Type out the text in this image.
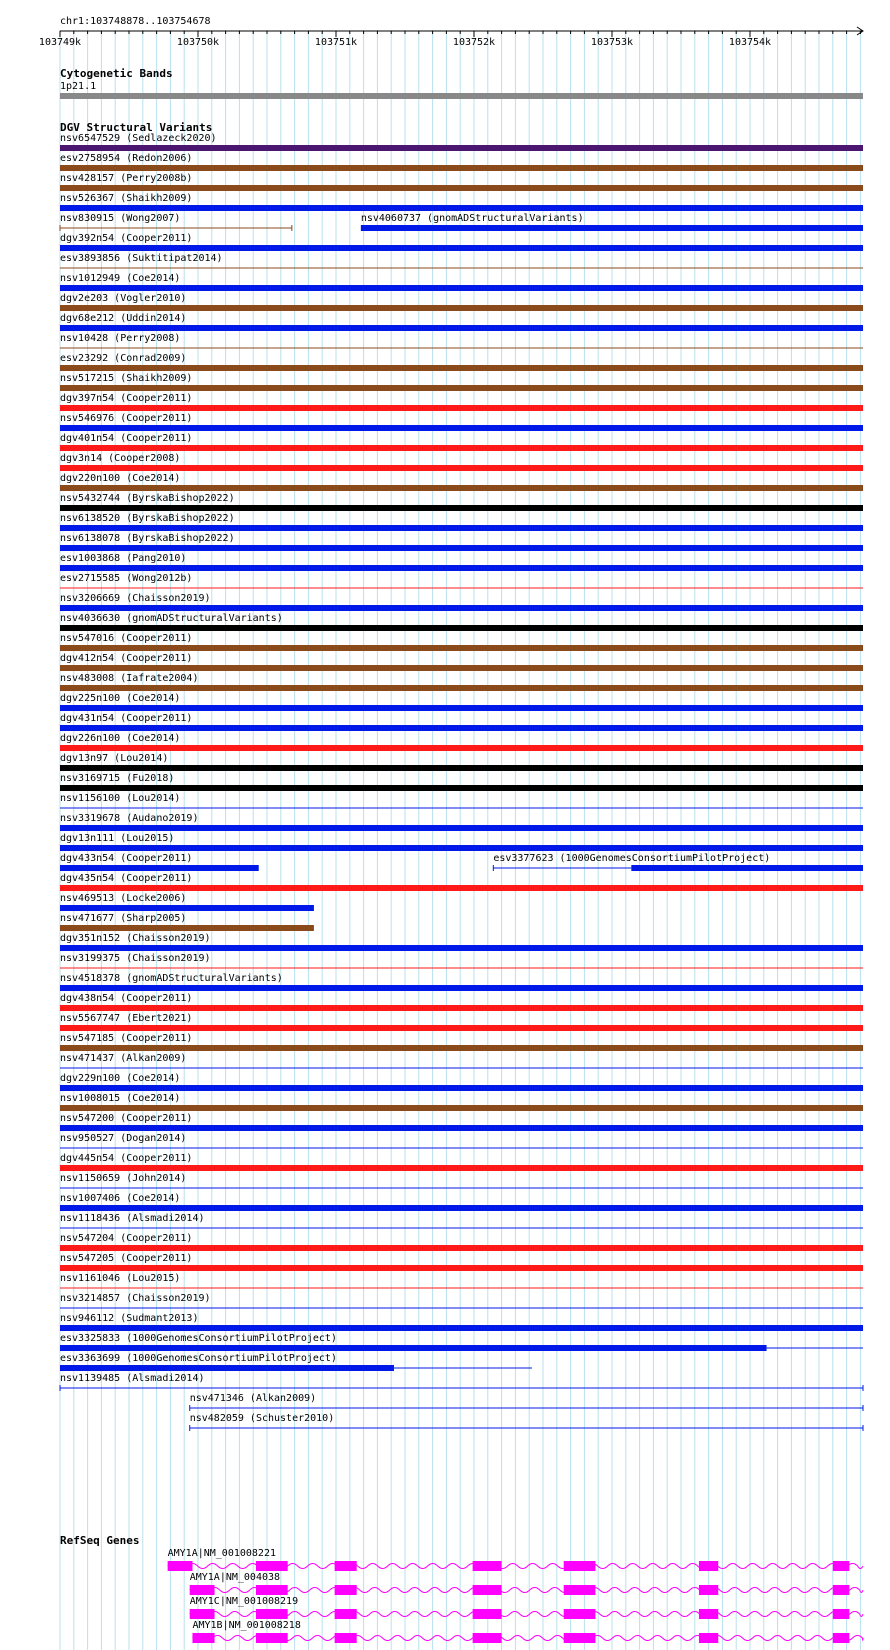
chr1:103748878..103754678
103749k	103750k	103751k	103752k	103753k	103754k
Cytogenetic Bands
1p21.1
DGV Structural Variants
nsv6547529 (Sedlazeck2020)
esv2758954 (Redon2006)
nsv428157 (Perry2008b)
nsv526367 (Shaikh2009)
nsv830915 (Wong2007)	nsv4060737 (gnomADStructuralVariants)
dgv392n54 (Cooper2011)
esv3893856 (Suktitipat2014)
nsv1012949 (Coe2014)
dgv2e203 (Vogler2010)
dgv68e212 (Uddin2014)
nsv10428 (Perry2008)
esv23292 (Conrad2009)
nsv517215 (Shaikh2009)
dgv397n54 (Cooper2011)
nsv546976 (Cooper2011)
dgv401n54 (Cooper2011)
dgv3n14 (Cooper2008)
dgv220n100 (Coe2014)
nsv5432744 (ByrskaBishop2022)
nsv6138520 (ByrskaBishop2022)
nsv6138078 (ByrskaBishop2022)
esv1003868 (Pang2010)
esv2715585 (Wong2012b)
nsv3206669 (Chaisson2019)
nsv4036630 (gnomADStructuralVariants)
nsv547016 (Cooper2011)
dgv412n54 (Cooper2011)
nsv483008 (Iafrate2004)
dgv225n100 (Coe2014)
dgv431n54 (Cooper2011)
dgv226n100 (Coe2014)
dgv13n97 (Lou2014)
nsv3169715 (Fu2018)
nsv1156100 (Lou2014)
nsv3319678 (Audano2019)
dgv13n111 (Lou2015)
dgv433n54 (Cooper2011)	esv3377623 (1000GenomesConsortiumPilotProject)
dgv435n54 (Cooper2011)
nsv469513 (Locke2006)
nsv471677 (Sharp2005)
dgv351n152 (Chaisson2019)
nsv3199375 (Chaisson2019)
nsv4518378 (gnomADStructuralVariants)
dgv438n54 (Cooper2011)
nsv5567747 (Ebert2021)
nsv547185 (Cooper2011)
nsv471437 (Alkan2009)
dgv229n100 (Coe2014)
nsv1008015 (Coe2014)
nsv547200 (Cooper2011)
nsv950527 (Dogan2014)
dgv445n54 (Cooper2011)
nsv1150659 (John2014)
nsv1007406 (Coe2014)
nsv1118436 (Alsmadi2014)
nsv547204 (Cooper2011)
nsv547205 (Cooper2011)
nsv1161046 (Lou2015)
nsv3214857 (Chaisson2019)
nsv946112 (Sudmant2013)
esv3325833 (1000GenomesConsortiumPilotProject)
esv3363699 (1000GenomesConsortiumPilotProject)
nsv1139485 (Alsmadi2014)
nsv471346 (Alkan2009)
nsv482059 (Schuster2010)
RefSeq Genes
AMY1A|NM_001008221
AMY1A|NM_004038
AMY1C|NM_001008219
AMY1B|NM_001008218
